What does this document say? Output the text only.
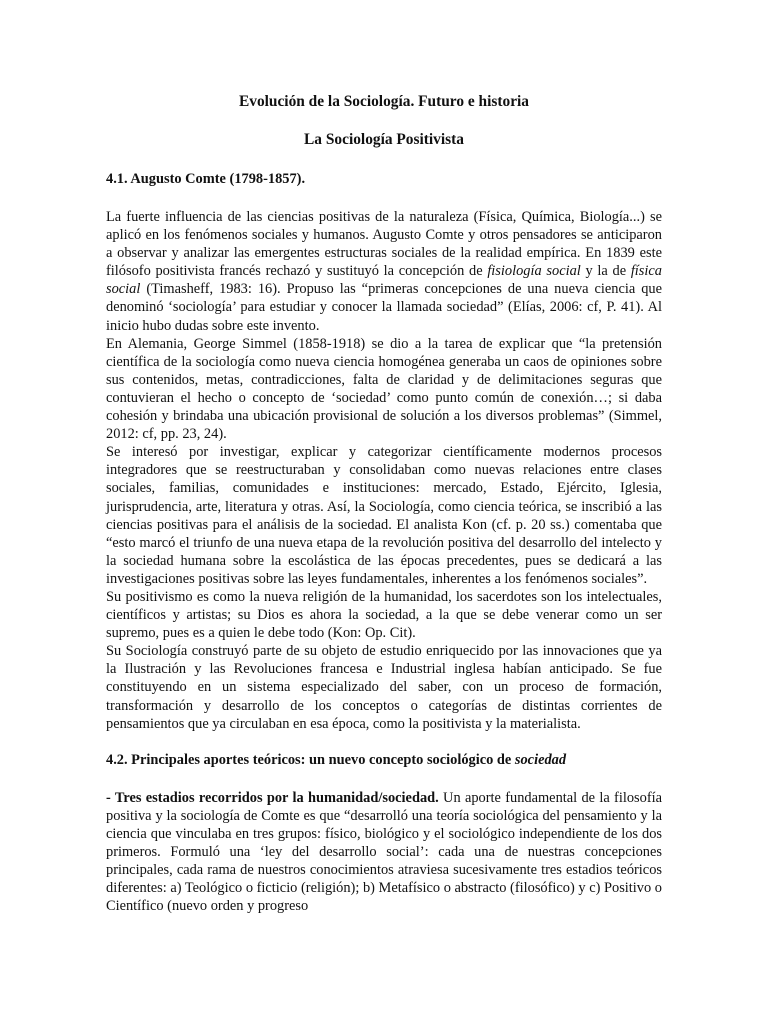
Evolución de la Sociología. Futuro e historia
La Sociología Positivista
4.1. Augusto Comte (1798-1857).

La fuerte influencia de las ciencias positivas de la naturaleza (Física, Química, Biología...) se aplicó en los fenómenos sociales y humanos. Augusto Comte y otros pensadores se anticiparon a observar y analizar las emergentes estructuras sociales de la realidad empírica. En 1839 este filósofo positivista francés rechazó y sustituyó la concepción de fisiología social y la de física social (Timasheff, 1983: 16). Propuso las “primeras concepciones de una nueva ciencia que denominó ‘sociología’ para estudiar y conocer la llamada sociedad” (Elías, 2006: cf, P. 41). Al inicio hubo dudas sobre este invento.

En Alemania, George Simmel (1858-1918) se dio a la tarea de explicar que “la pretensión científica de la sociología como nueva ciencia homogénea generaba un caos de opiniones sobre sus contenidos, metas, contradicciones, falta de claridad y de delimitaciones seguras que contuvieran el hecho o concepto de ‘sociedad’ como punto común de conexión…; si daba cohesión y brindaba una ubicación provisional de solución a los diversos problemas” (Simmel, 2012: cf, pp. 23, 24).

Se interesó por investigar, explicar y categorizar científicamente modernos procesos integradores que se reestructuraban y consolidaban como nuevas relaciones entre clases sociales, familias, comunidades e instituciones: mercado, Estado, Ejército, Iglesia, jurisprudencia, arte, literatura y otras. Así, la Sociología, como ciencia teórica, se inscribió a las ciencias positivas para el análisis de la sociedad. El analista Kon (cf. p. 20 ss.) comentaba que “esto marcó el triunfo de una nueva etapa de la revolución positiva del desarrollo del intelecto y la sociedad humana sobre la escolástica de las épocas precedentes, pues se dedicará a las investigaciones positivas sobre las leyes fundamentales, inherentes a los fenómenos sociales”.

Su positivismo es como la nueva religión de la humanidad, los sacerdotes son los intelectuales, científicos y artistas; su Dios es ahora la sociedad, a la que se debe venerar como un ser supremo, pues es a quien le debe todo (Kon: Op. Cit).

Su Sociología construyó parte de su objeto de estudio enriquecido por las innovaciones que ya la Ilustración y las Revoluciones francesa e Industrial inglesa habían anticipado. Se fue constituyendo en un sistema especializado del saber, con un proceso de formación, transformación y desarrollo de los conceptos o categorías de distintas corrientes de pensamientos que ya circulaban en esa época, como la positivista y la materialista.

4.2. Principales aportes teóricos: un nuevo concepto sociológico de sociedad

- Tres estadios recorridos por la humanidad/sociedad. Un aporte fundamental de la filosofía positiva y la sociología de Comte es que “desarrolló una teoría sociológica del pensamiento y la ciencia que vinculaba en tres grupos: físico, biológico y el sociológico independiente de los dos primeros. Formuló una ‘ley del desarrollo social’: cada una de nuestras concepciones principales, cada rama de nuestros conocimientos atraviesa sucesivamente tres estadios teóricos diferentes: a) Teológico o ficticio (religión); b) Metafísico o abstracto (filosófico) y c) Positivo o Científico (nuevo orden y progreso
